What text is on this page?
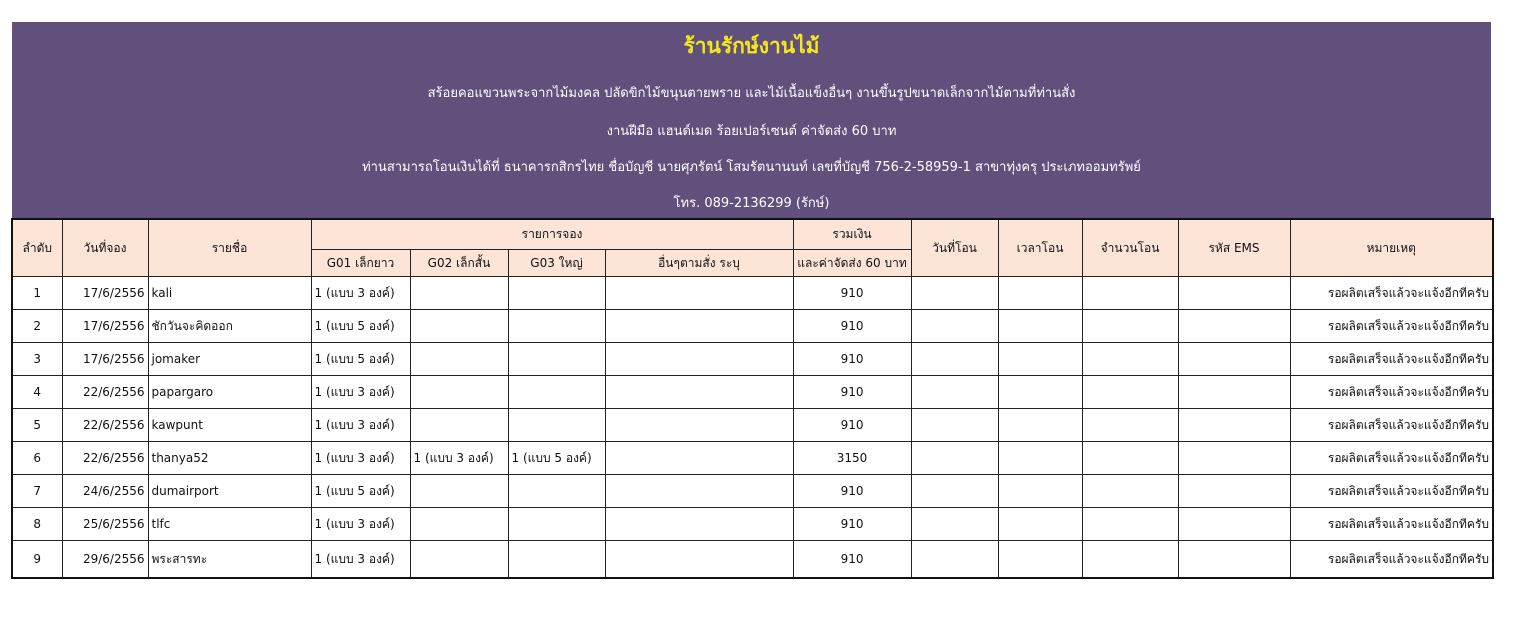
ร้านรักษ์งานไม้
สร้อยคอแขวนพระจากไม้มงคล ปลัดขิกไม้ขนุนตายพราย และไม้เนื้อแข็งอื่นๆ งานขึ้นรูปขนาดเล็กจากไม้ตามที่ท่านสั่ง
งานฝีมือ แฮนด์เมด ร้อยเปอร์เซนต์ ค่าจัดส่ง 60 บาท
ท่านสามารถโอนเงินได้ที่ ธนาคารกสิกรไทย ชื่อบัญชี นายศุภรัตน์ โสมรัตนานนท์ เลขที่บัญชี 756-2-58959-1 สาขาทุ่งครุ ประเภทออมทรัพย์
โทร. 089-2136299 (รักษ์)
ลำดับ	วันที่จอง	รายชื่อ	รายการจอง				รวมเงิน	วันที่โอน	เวลาโอน	จำนวนโอน	รหัส EMS	หมายเหตุ
			G01 เล็กยาว	G02 เล็กสั้น	G03 ใหญ่	อื่นๆตามสั่ง ระบุ	และค่าจัดส่ง 60 บาท					
1	17/6/2556	kali	1 (แบบ 3 องค์)				910					รอผลิตเสร็จแล้วจะแจ้งอีกทีครับ
2	17/6/2556	ชักวันจะคิดออก	1 (แบบ 5 องค์)				910					รอผลิตเสร็จแล้วจะแจ้งอีกทีครับ
3	17/6/2556	jomaker	1 (แบบ 5 องค์)				910					รอผลิตเสร็จแล้วจะแจ้งอีกทีครับ
4	22/6/2556	papargaro	1 (แบบ 3 องค์)				910					รอผลิตเสร็จแล้วจะแจ้งอีกทีครับ
5	22/6/2556	kawpunt	1 (แบบ 3 องค์)				910					รอผลิตเสร็จแล้วจะแจ้งอีกทีครับ
6	22/6/2556	thanya52	1 (แบบ 3 องค์)	1 (แบบ 3 องค์)	1 (แบบ 5 องค์)		3150					รอผลิตเสร็จแล้วจะแจ้งอีกทีครับ
7	24/6/2556	dumairport	1 (แบบ 5 องค์)				910					รอผลิตเสร็จแล้วจะแจ้งอีกทีครับ
8	25/6/2556	tlfc	1 (แบบ 3 องค์)				910					รอผลิตเสร็จแล้วจะแจ้งอีกทีครับ
9	29/6/2556	พระสารทะ	1 (แบบ 3 องค์)				910					รอผลิตเสร็จแล้วจะแจ้งอีกทีครับ
